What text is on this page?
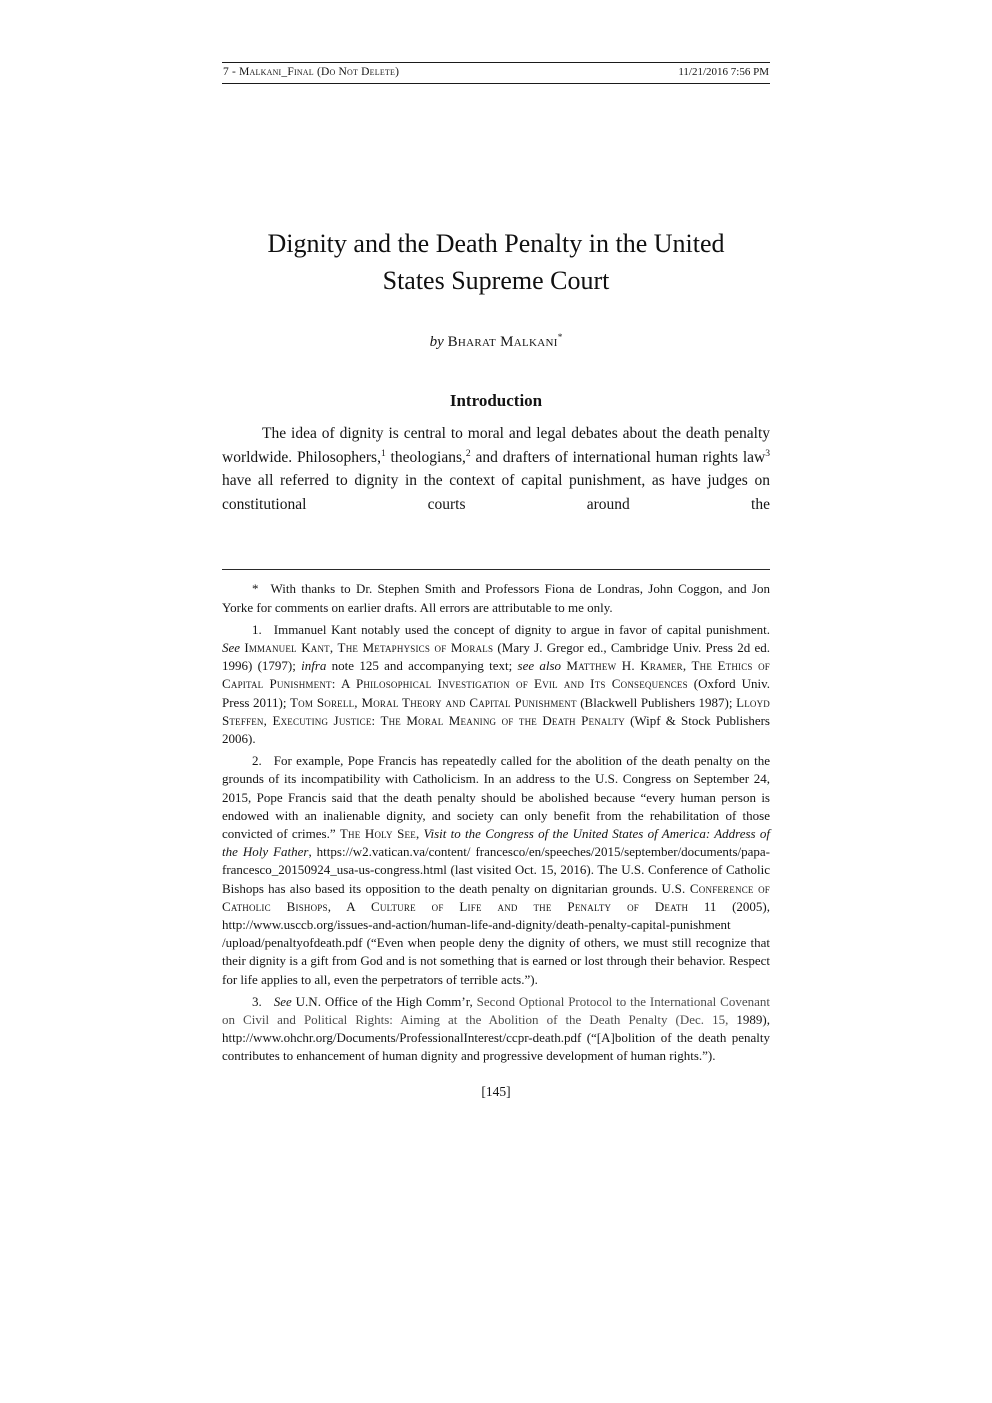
7 - Malkani_Final (Do Not Delete)	11/21/2016 7:56 PM
Dignity and the Death Penalty in the United
States Supreme Court
by Bharat Malkani*
Introduction

The idea of dignity is central to moral and legal debates about the death penalty worldwide. Philosophers,$^1$ theologians,$^2$ and drafters of international human rights law$^3$ have all referred to dignity in the context of capital punishment, as have judges on constitutional courts around the

* With thanks to Dr. Stephen Smith and Professors Fiona de Londras, John Coggon, and Jon Yorke for comments on earlier drafts. All errors are attributable to me only.

1. Immanuel Kant notably used the concept of dignity to argue in favor of capital punishment. See Immanuel Kant, The Metaphysics of Morals (Mary J. Gregor ed., Cambridge Univ. Press 2d ed. 1996) (1797); infra note 125 and accompanying text; see also Matthew H. Kramer, The Ethics of Capital Punishment: A Philosophical Investigation of Evil and Its Consequences (Oxford Univ. Press 2011); Tom Sorell, Moral Theory and Capital Punishment (Blackwell Publishers 1987); Lloyd Steffen, Executing Justice: The Moral Meaning of the Death Penalty (Wipf & Stock Publishers 2006).

2. For example, Pope Francis has repeatedly called for the abolition of the death penalty on the grounds of its incompatibility with Catholicism. In an address to the U.S. Congress on September 24, 2015, Pope Francis said that the death penalty should be abolished because “every human person is endowed with an inalienable dignity, and society can only benefit from the rehabilitation of those convicted of crimes.” The Holy See, Visit to the Congress of the United States of America: Address of the Holy Father, https://w2.vatican.va/content/ francesco/en/speeches/2015/september/documents/papa-francesco_20150924_usa-us-congress.html (last visited Oct. 15, 2016). The U.S. Conference of Catholic Bishops has also based its opposition to the death penalty on dignitarian grounds. U.S. Conference of Catholic Bishops, A Culture of Life and the Penalty of Death 11 (2005), http://www.usccb.org/issues-and-action/human-life-and-dignity/death-penalty-capital-punishment /upload/penaltyofdeath.pdf (“Even when people deny the dignity of others, we must still recognize that their dignity is a gift from God and is not something that is earned or lost through their behavior. Respect for life applies to all, even the perpetrators of terrible acts.”).

3. See U.N. Office of the High Comm’r, Second Optional Protocol to the International Covenant on Civil and Political Rights: Aiming at the Abolition of the Death Penalty (Dec. 15, 1989), http://www.ohchr.org/Documents/ProfessionalInterest/ccpr-death.pdf (“[A]bolition of the death penalty contributes to enhancement of human dignity and progressive development of human rights.”).

[145]
